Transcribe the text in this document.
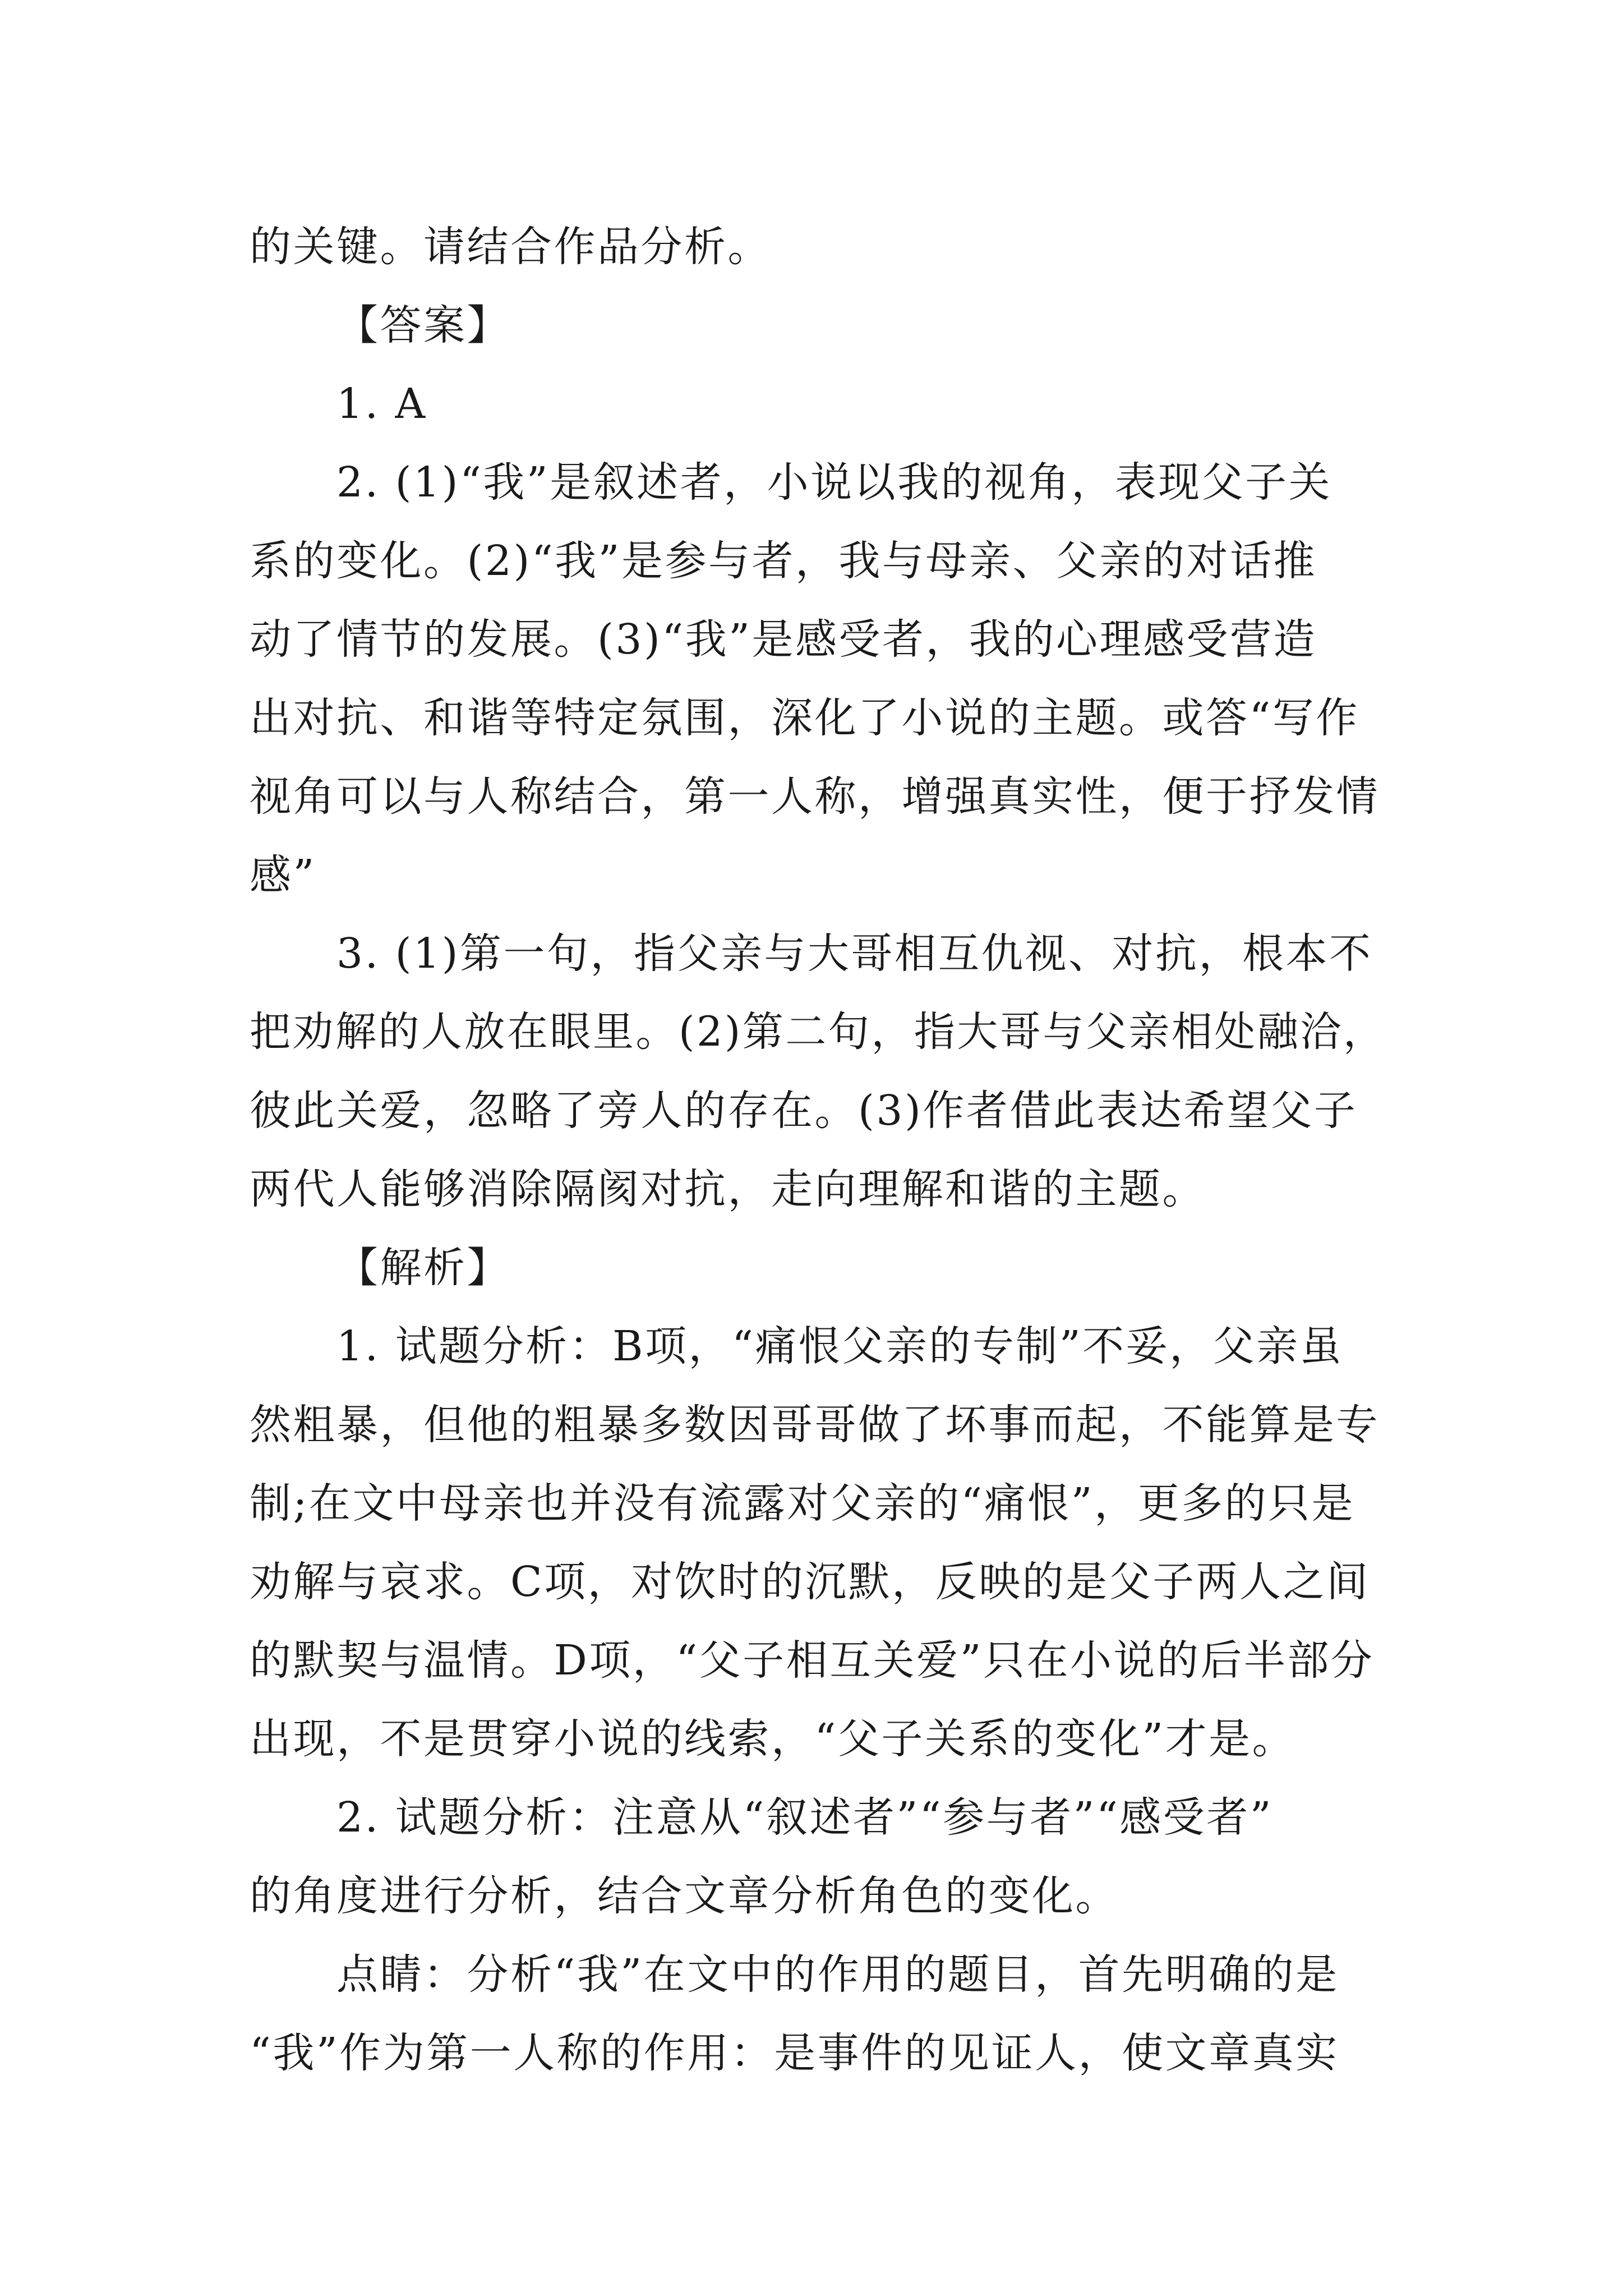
的关键。请结合作品分析。
【答案】
1. A
2. (1)“我”是叙述者，小说以我的视角，表现父子关
系的变化。(2)“我”是参与者，我与母亲、父亲的对话推
动了情节的发展。(3)“我”是感受者，我的心理感受营造
出对抗、和谐等特定氛围，深化了小说的主题。或答“写作
视角可以与人称结合，第一人称，增强真实性，便于抒发情
感”
3. (1)第一句，指父亲与大哥相互仇视、对抗，根本不
把劝解的人放在眼里。(2)第二句，指大哥与父亲相处融洽，
彼此关爱，忽略了旁人的存在。(3)作者借此表达希望父子
两代人能够消除隔阂对抗，走向理解和谐的主题。
【解析】
1. 试题分析：B项，“痛恨父亲的专制”不妥，父亲虽
然粗暴，但他的粗暴多数因哥哥做了坏事而起，不能算是专
制;在文中母亲也并没有流露对父亲的“痛恨”，更多的只是
劝解与哀求。C项，对饮时的沉默，反映的是父子两人之间
的默契与温情。D项，“父子相互关爱”只在小说的后半部分
出现，不是贯穿小说的线索，“父子关系的变化”才是。
2. 试题分析：注意从“叙述者”“参与者”“感受者”
的角度进行分析，结合文章分析角色的变化。
点睛：分析“我”在文中的作用的题目，首先明确的是
“我”作为第一人称的作用：是事件的见证人，使文章真实
